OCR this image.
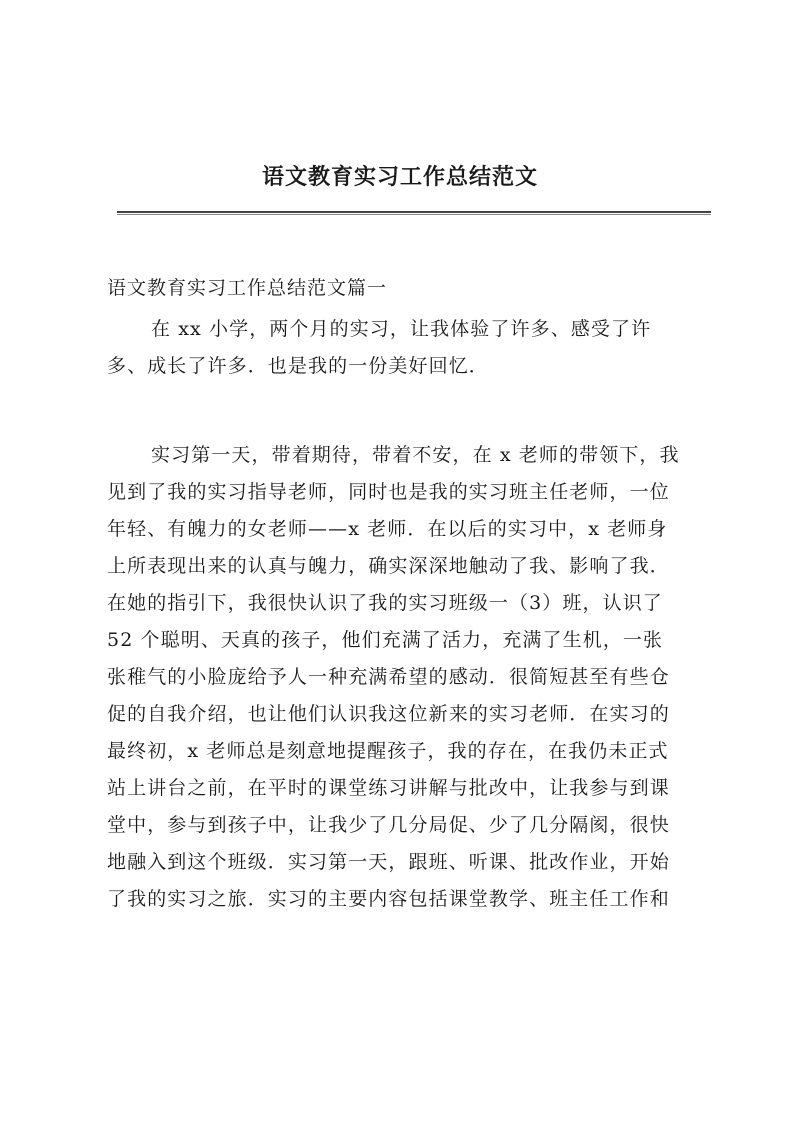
语文教育实习工作总结范文
语文教育实习工作总结范文篇一
在 xx 小学，两个月的实习，让我体验了许多、感受了许
多、成长了许多．也是我的一份美好回忆．
实习第一天，带着期待，带着不安，在 x 老师的带领下，我
见到了我的实习指导老师，同时也是我的实习班主任老师，一位
年轻、有魄力的女老师——x 老师．在以后的实习中，x 老师身
上所表现出来的认真与魄力，确实深深地触动了我、影响了我．
在她的指引下，我很快认识了我的实习班级一（3）班，认识了
52 个聪明、天真的孩子，他们充满了活力，充满了生机，一张
张稚气的小脸庞给予人一种充满希望的感动．很简短甚至有些仓
促的自我介绍，也让他们认识我这位新来的实习老师．在实习的
最终初，x 老师总是刻意地提醒孩子，我的存在，在我仍未正式
站上讲台之前，在平时的课堂练习讲解与批改中，让我参与到课
堂中，参与到孩子中，让我少了几分局促、少了几分隔阂，很快
地融入到这个班级．实习第一天，跟班、听课、批改作业，开始
了我的实习之旅．实习的主要内容包括课堂教学、班主任工作和
